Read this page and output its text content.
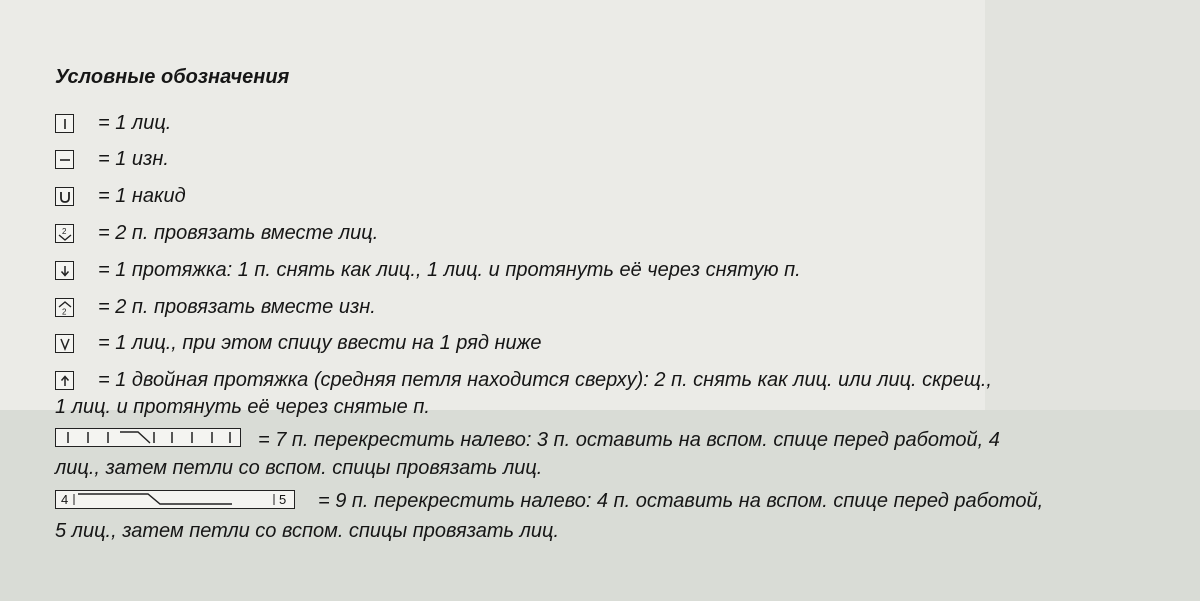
Условные обозначения
= 1 лиц.
= 1 изн.
= 1 накид
2 = 2 п. провязать вместе лиц.
= 1 протяжка: 1 п. снять как лиц., 1 лиц. и протянуть её через снятую п.
2 = 2 п. провязать вместе изн.
= 1 лиц., при этом спицу ввести на 1 ряд ниже
= 1 двойная протяжка (средняя петля находится сверху): 2 п. снять как лиц. или лиц. скрещ.,
1 лиц. и протянуть её через снятые п.
= 7 п. перекрестить налево: 3 п. оставить на вспом. спице перед работой, 4
лиц., затем петли со вспом. спицы провязать лиц.
4	5 = 9 п. перекрестить налево: 4 п. оставить на вспом. спице перед работой,
5 лиц., затем петли со вспом. спицы провязать лиц.
